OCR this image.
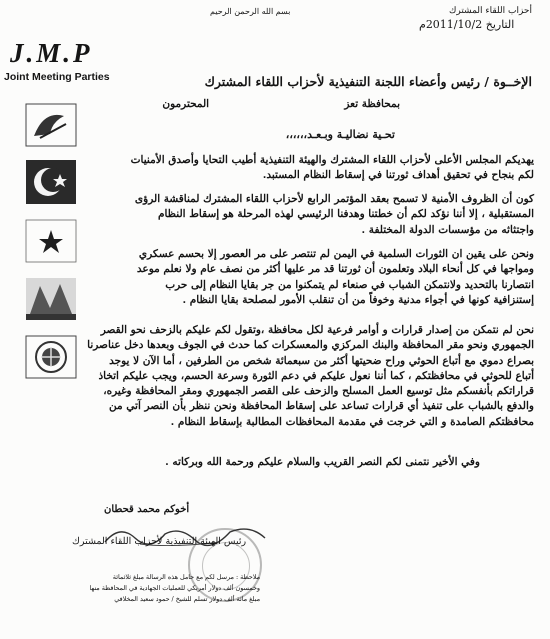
أحزاب اللقاء المشترك
بسم الله الرحمن الرحيم
التاريخ 2011/10/2م
J.M.P
Joint Meeting Parties
	الإخــوة / رئيس وأعضاء اللجنة التنفيذية لأحزاب اللقاء المشترك
بمحافظة تعز                                     المحترمون
تحـية نضاليـة وبـعـد،،،،،،
يهديكم المجلس الأعلى لأحزاب اللقاء المشترك والهيئة التنفيذية أطيب التحايا وأصدق الأمنيات
لكم بنجاح في تحقيق أهداف ثورتنا في إسقاط النظام المستبد.
كون أن الظروف الأمنية لا تسمح بعقد المؤتمر الرابع لأحزاب اللقاء المشترك لمناقشة الرؤى
المستقبلية ، إلا أننا نؤكد لكم أن خطتنا وهدفنا الرئيسي لهذه المرحلة هو إسقاط النظام
واجتثاثه من مؤسسات الدولة المختلفة .
ونحن على يقين ان الثورات السلمية في اليمن لم تنتصر على مر العصور إلا بحسم عسكري
ومواجها في كل أنحاء البلاد وتعلمون أن ثورتنا قد مر عليها أكثر من نصف عام ولا نعلم موعد
انتصارنا بالتحديد ولانتمكن الشباب في صنعاء لم يتمكنوا من جر بقايا النظام إلى حرب
إستنزافية كونها في أجواء مدنية وخوفاً من أن تنقلب الأمور لمصلحة بقايا النظام .
نحن لم نتمكن من إصدار قرارات و أوامر فرعية لكل محافظة ،وتقول لكم عليكم بالزحف نحو القصر
الجمهوري ونحو مقر المحافظة والبنك المركزي والمعسكرات كما حدث في الجوف وبعدها دخل عناصرنا
بصراع دموي مع أتباع الحوثي وراح ضحيتها أكثر من سبعمائة شخص من الطرفين ، أما الآن لا يوجد
أتباع للحوثي في محافظتكم ، كما أننا نعول عليكم في دعم الثورة وسرعة الحسم، ويجب عليكم اتخاذ
قراراتكم بأنفسكم مثل توسيع العمل المسلح والزحف على القصر الجمهوري ومقر المحافظة وغيره،
والدفع بالشباب على تنفيذ أي قرارات تساعد على إسقاط المحافظة ونحن ننظر بأن النصر آتي من
محافظتكم الصامدة و التي خرجت في مقدمة المحافظات المطالبة بإسقاط النظام .
وفي الأخير نتمنى لكم النصر القريب والسلام عليكم ورحمة الله وبركاته .
أخوكم محمد قحطان
رئيس الهيئة التنفيذية لأحزاب اللقاء المشترك
ملاحظة : مرسل لكم مع حامل هذه الرسالة مبلغ ثلاثمائة
وخمسون ألف دولار أمريكي للعمليات الجهادية في المحافظة منها
مبلغ مائة ألف دولار تسلم للشيخ / حمود سعيد المخلافي
